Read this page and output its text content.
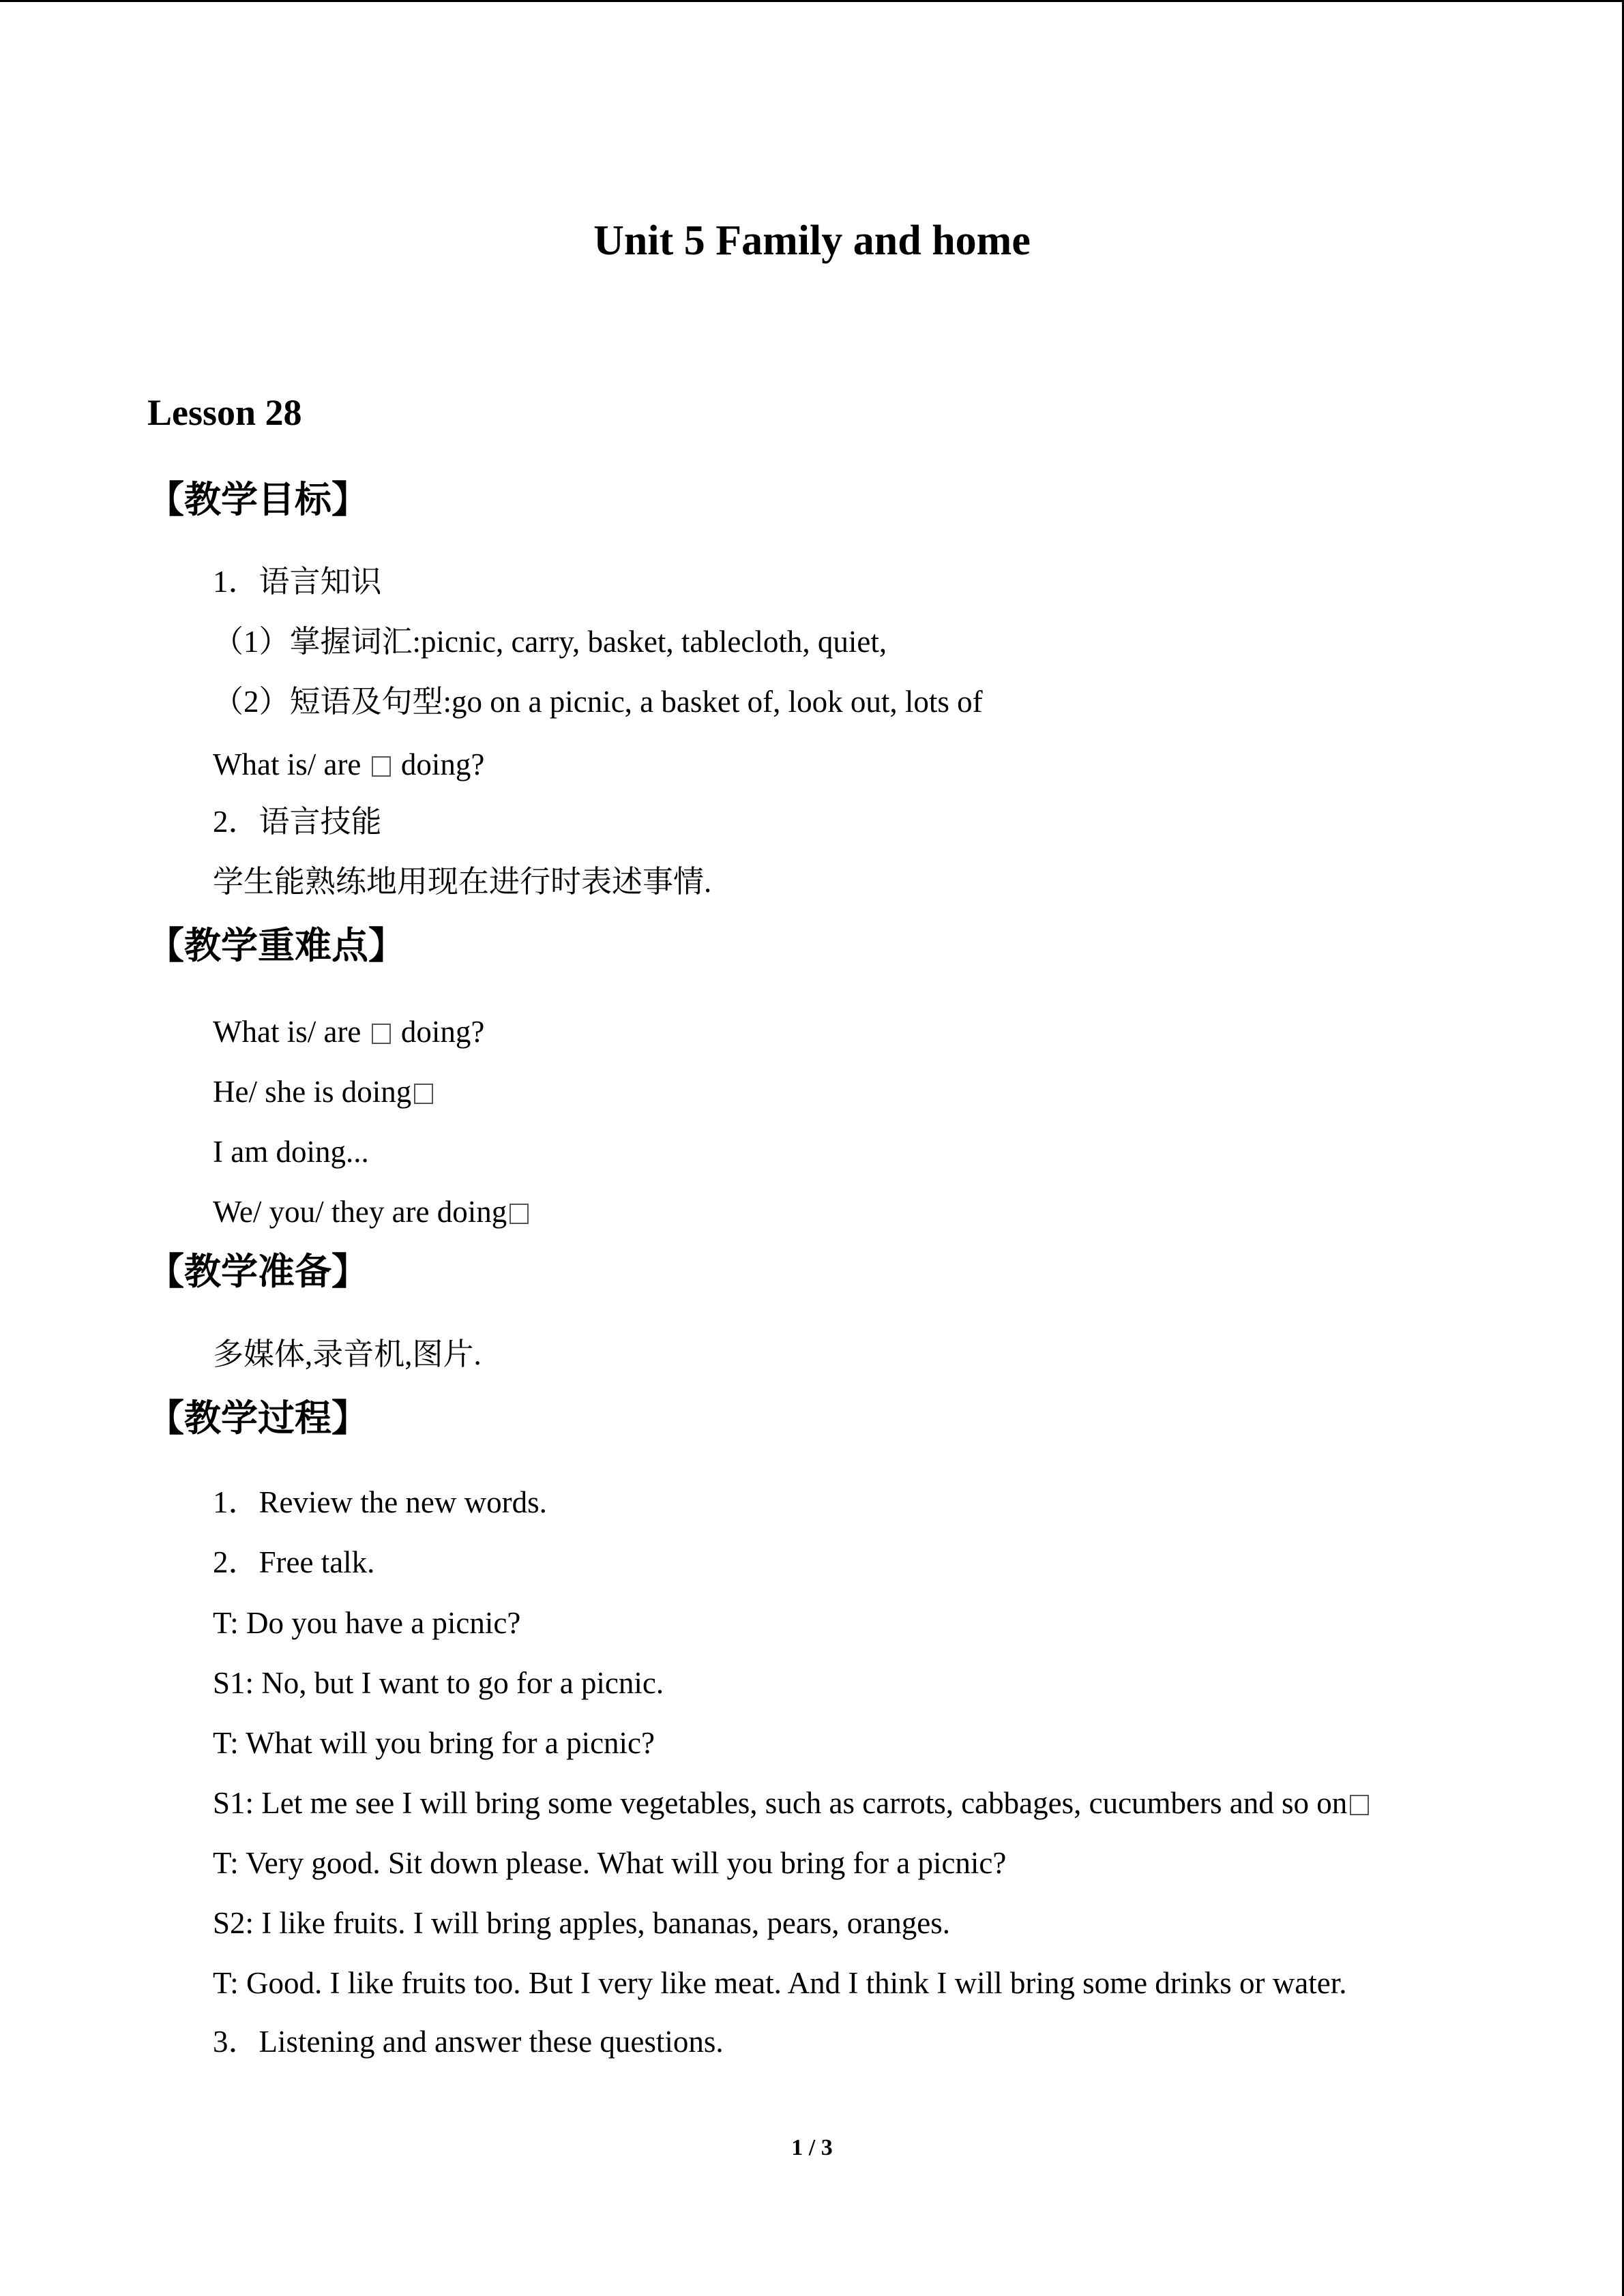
Unit 5 Family and home
Lesson 28
【教学目标】
1．语言知识
（1）掌握词汇:picnic, carry, basket, tablecloth, quiet,
（2）短语及句型:go on a picnic, a basket of, look out, lots of
What is/ are doing?
2．语言技能
学生能熟练地用现在进行时表述事情.
【教学重难点】
What is/ are doing?
He/ she is doing
I am doing...
We/ you/ they are doing
【教学准备】
多媒体,录音机,图片.
【教学过程】
1．Review the new words.
2．Free talk.
T: Do you have a picnic?
S1: No, but I want to go for a picnic.
T: What will you bring for a picnic?
S1: Let me see I will bring some vegetables, such as carrots, cabbages, cucumbers and so on
T: Very good. Sit down please. What will you bring for a picnic?
S2: I like fruits. I will bring apples, bananas, pears, oranges.
T: Good. I like fruits too. But I very like meat. And I think I will bring some drinks or water.
3．Listening and answer these questions.
1 / 3
